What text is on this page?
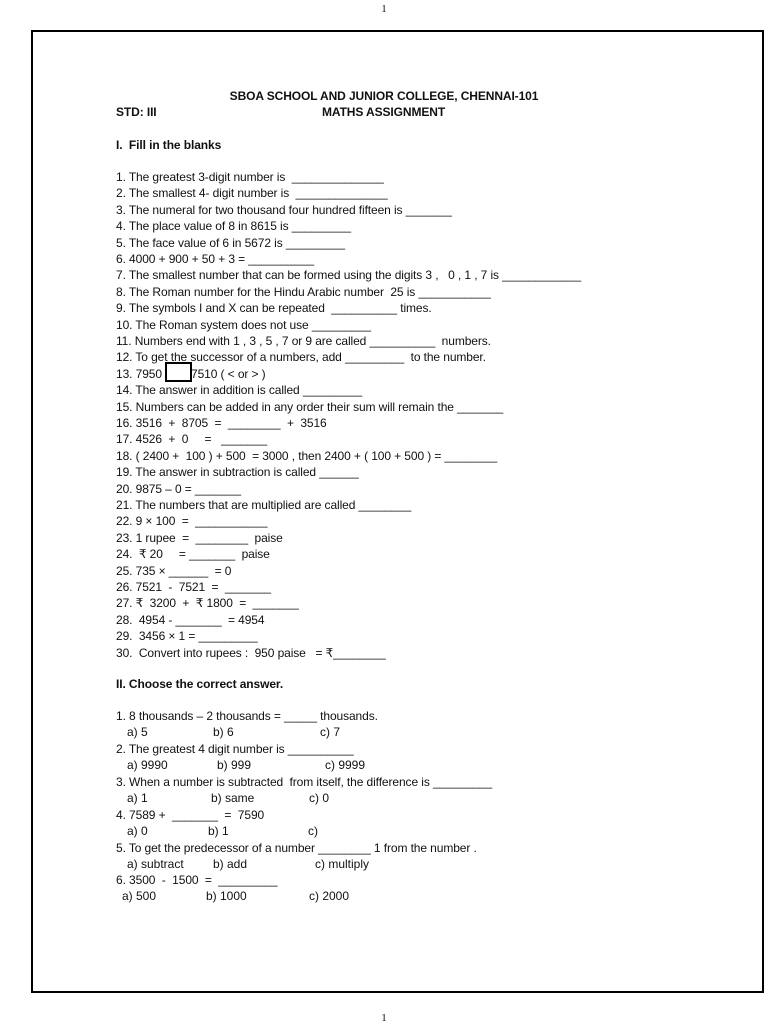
1
SBOA SCHOOL AND JUNIOR COLLEGE, CHENNAI-101
STD: III	MATHS ASSIGNMENT
I.  Fill in the blanks
1. The greatest 3-digit number is  ______________
2. The smallest 4- digit number is  ______________
3. The numeral for two thousand four hundred fifteen is _______
4. The place value of 8 in 8615 is _________
5. The face value of 6 in 5672 is _________
6. 4000 + 900 + 50 + 3 = __________
7. The smallest number that can be formed using the digits 3 ,   0 , 1 , 7 is ____________
8. The Roman number for the Hindu Arabic number  25 is ___________
9. The symbols I and X can be repeated  __________ times.
10. The Roman system does not use _________
11. Numbers end with 1 , 3 , 5 , 7 or 9 are called __________  numbers.
12. To get the successor of a numbers, add _________  to the number.
13. 7950         7510 ( < or > )
14. The answer in addition is called _________
15. Numbers can be added in any order their sum will remain the _______
16. 3516  +  8705  =  ________  +  3516
17. 4526  +  0     =   _______
18. ( 2400 +  100 ) + 500  = 3000 , then 2400 + ( 100 + 500 ) = ________
19. The answer in subtraction is called ______
20. 9875 – 0 = _______
21. The numbers that are multiplied are called ________
22. 9 × 100  =  ___________
23. 1 rupee  =  ________  paise
24.  ₹ 20     = _______  paise
25. 735 × ______  = 0
26. 7521  -  7521  =  _______
27. ₹  3200  +  ₹ 1800  =  _______
28.  4954 - _______  = 4954
29.  3456 × 1 = _________
30.  Convert into rupees :  950 paise   = ₹________
II. Choose the correct answer.
1. 8 thousands – 2 thousands = _____ thousands.
a) 5	b) 6	c) 7
2. The greatest 4 digit number is __________
a) 9990	b) 999	c) 9999
3. When a number is subtracted  from itself, the difference is _________
a) 1	b) same	c) 0
4. 7589 +  _______  =  7590
a) 0	b) 1	c)
5. To get the predecessor of a number ________ 1 from the number .
a) subtract b) add	c) multiply
6. 3500  -  1500  =  _________
a) 500	b) 1000	c) 2000
1
